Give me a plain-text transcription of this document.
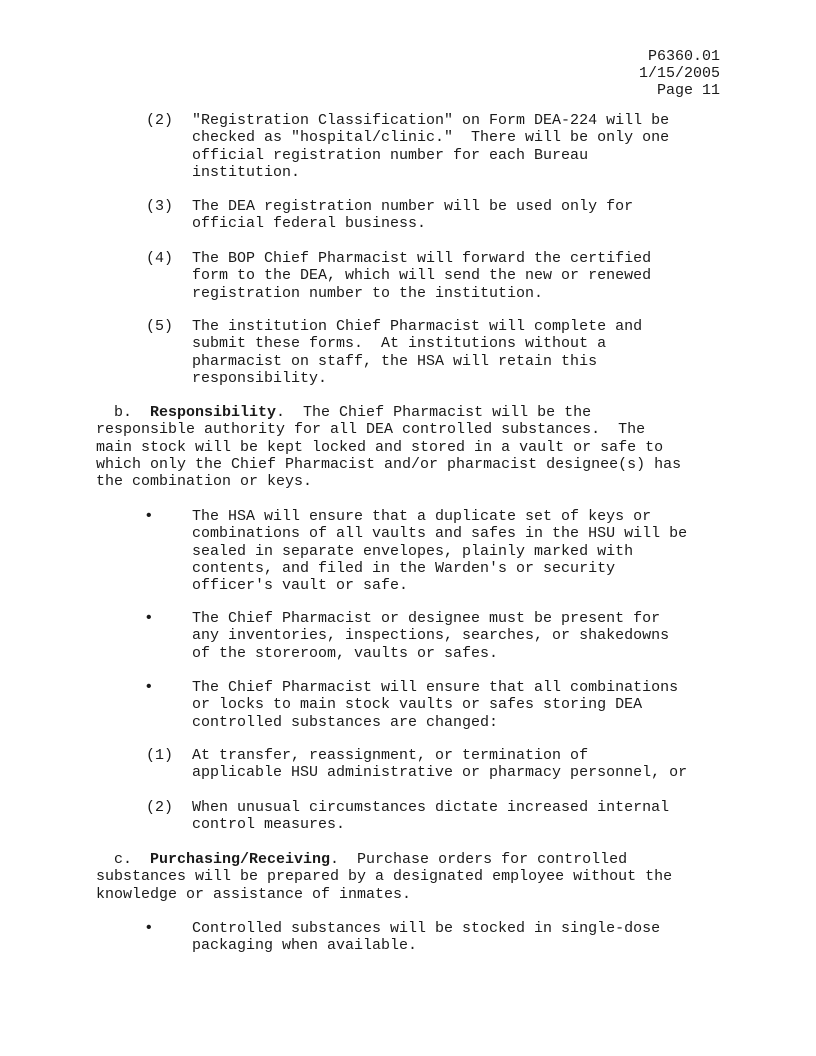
P6360.01
1/15/2005
Page 11
(2) "Registration Classification" on Form DEA-224 will be
checked as "hospital/clinic."  There will be only one
official registration number for each Bureau
institution.
(3) The DEA registration number will be used only for
official federal business.
(4) The BOP Chief Pharmacist will forward the certified
form to the DEA, which will send the new or renewed
registration number to the institution.
(5) The institution Chief Pharmacist will complete and
submit these forms.  At institutions without a
pharmacist on staff, the HSA will retain this
responsibility.
b.  Responsibility.  The Chief Pharmacist will be the
responsible authority for all DEA controlled substances.  The
main stock will be kept locked and stored in a vault or safe to
which only the Chief Pharmacist and/or pharmacist designee(s) has
the combination or keys.
•	The HSA will ensure that a duplicate set of keys or
combinations of all vaults and safes in the HSU will be
sealed in separate envelopes, plainly marked with
contents, and filed in the Warden's or security
officer's vault or safe.
•	The Chief Pharmacist or designee must be present for
any inventories, inspections, searches, or shakedowns
of the storeroom, vaults or safes.
•	The Chief Pharmacist will ensure that all combinations
or locks to main stock vaults or safes storing DEA
controlled substances are changed:
(1) At transfer, reassignment, or termination of
applicable HSU administrative or pharmacy personnel, or
(2) When unusual circumstances dictate increased internal
control measures.
c.  Purchasing/Receiving.  Purchase orders for controlled
substances will be prepared by a designated employee without the
knowledge or assistance of inmates.
•	Controlled substances will be stocked in single-dose
packaging when available.
